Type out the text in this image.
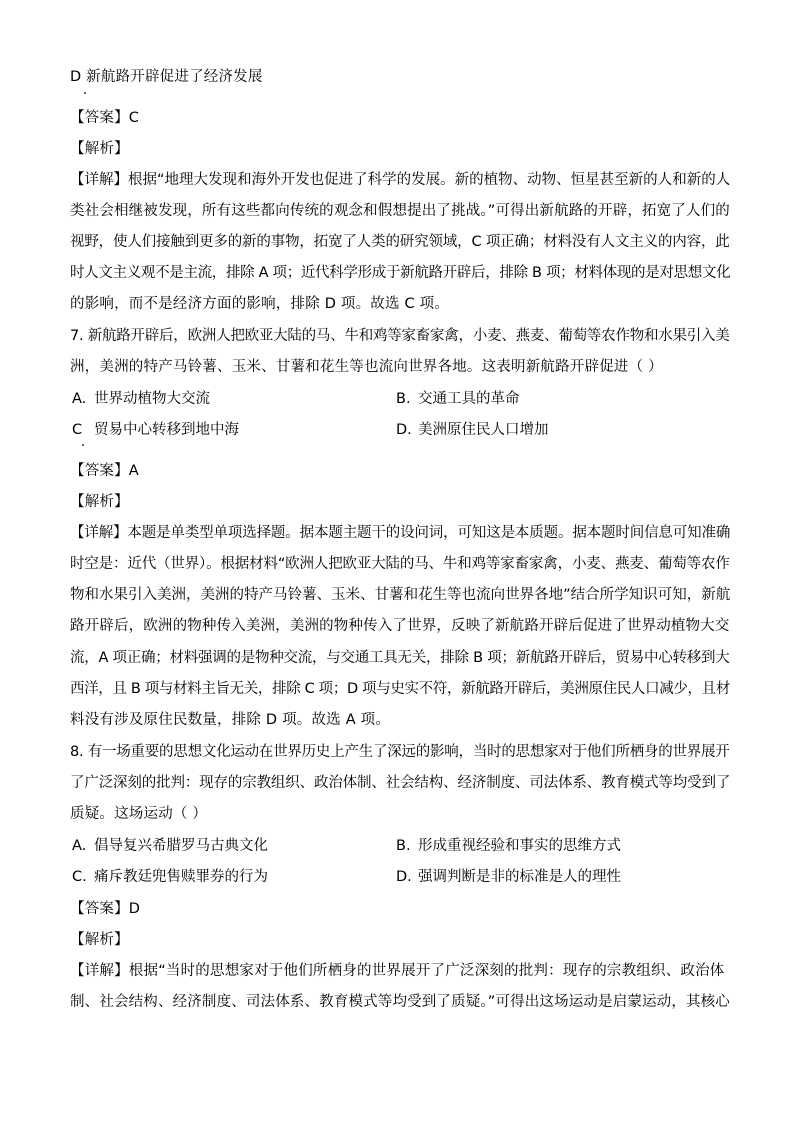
D 新航路开辟促进了经济发展
【答案】C
【解析】
【详解】根据“地理大发现和海外开发也促进了科学的发展。新的植物、动物、恒星甚至新的人和新的人
类社会相继被发现，所有这些都向传统的观念和假想提出了挑战。”可得出新航路的开辟，拓宽了人们的
视野，使人们接触到更多的新的事物，拓宽了人类的研究领域，C 项正确；材料没有人文主义的内容，此
时人文主义观不是主流，排除 A 项；近代科学形成于新航路开辟后，排除 B 项；材料体现的是对思想文化
的影响，而不是经济方面的影响，排除 D 项。故选 C 项。
7. 新航路开辟后，欧洲人把欧亚大陆的马、牛和鸡等家畜家禽，小麦、燕麦、葡萄等农作物和水果引入美
洲，美洲的特产马铃薯、玉米、甘薯和花生等也流向世界各地。这表明新航路开辟促进（ ）
A. 世界动植物大交流	B. 交通工具的革命
C 贸易中心转移到地中海	D. 美洲原住民人口增加
【答案】A
【解析】
【详解】本题是单类型单项选择题。据本题主题干的设问词，可知这是本质题。据本题时间信息可知准确
时空是：近代（世界）。根据材料“欧洲人把欧亚大陆的马、牛和鸡等家畜家禽，小麦、燕麦、葡萄等农作
物和水果引入美洲，美洲的特产马铃薯、玉米、甘薯和花生等也流向世界各地”结合所学知识可知，新航
路开辟后，欧洲的物种传入美洲，美洲的物种传入了世界，反映了新航路开辟后促进了世界动植物大交
流，A 项正确；材料强调的是物种交流，与交通工具无关，排除 B 项；新航路开辟后，贸易中心转移到大
西洋，且 B 项与材料主旨无关，排除 C 项；D 项与史实不符，新航路开辟后，美洲原住民人口减少，且材
料没有涉及原住民数量，排除 D 项。故选 A 项。
8. 有一场重要的思想文化运动在世界历史上产生了深远的影响，当时的思想家对于他们所栖身的世界展开
了广泛深刻的批判：现存的宗教组织、政治体制、社会结构、经济制度、司法体系、教育模式等均受到了
质疑。这场运动（ ）
A. 倡导复兴希腊罗马古典文化	B. 形成重视经验和事实的思维方式
C. 痛斥教廷兜售赎罪券的行为	D. 强调判断是非的标准是人的理性
【答案】D
【解析】
【详解】根据“当时的思想家对于他们所栖身的世界展开了广泛深刻的批判：现存的宗教组织、政治体
制、社会结构、经济制度、司法体系、教育模式等均受到了质疑。”可得出这场运动是启蒙运动，其核心
